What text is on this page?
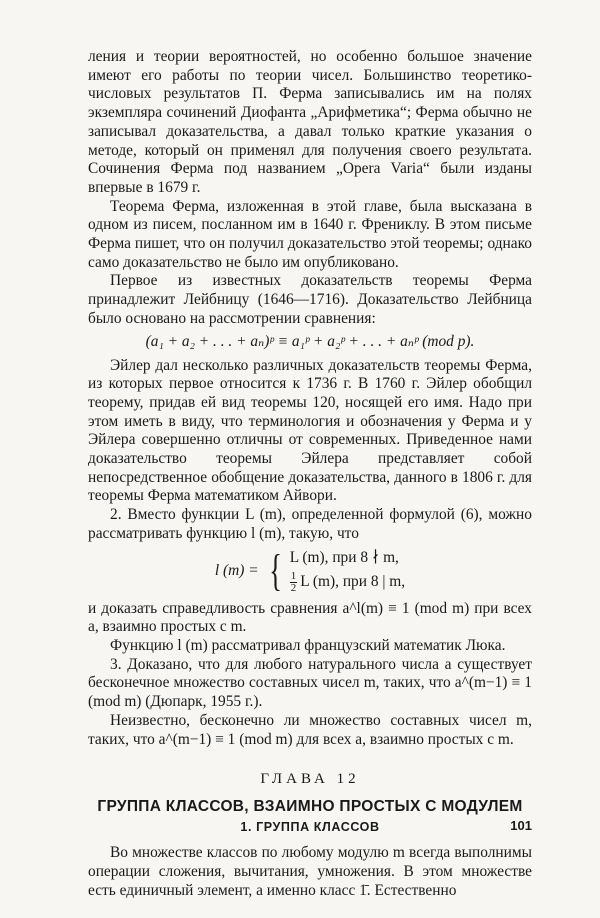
ления и теории вероятностей, но особенно большое значение имеют его работы по теории чисел. Большинство теоретико-числовых результатов П. Ферма записывались им на полях экземпляра сочинений Диофанта „Арифметика“; Ферма обычно не записывал доказательства, а давал только краткие указания о методе, который он применял для получения своего результата. Сочинения Ферма под названием „Opera Varia“ были изданы впервые в 1679 г.

Теорема Ферма, изложенная в этой главе, была высказана в одном из писем, посланном им в 1640 г. Френиклу. В этом письме Ферма пишет, что он получил доказательство этой теоремы; однако само доказательство не было им опубликовано.

Первое из известных доказательств теоремы Ферма принадлежит Лейбницу (1646—1716). Доказательство Лейбница было основано на рассмотрении сравнения:

(a₁ + a₂ + . . . + aₙ)ᵖ ≡ a₁ᵖ + a₂ᵖ + . . . + aₙᵖ (mod p).

Эйлер дал несколько различных доказательств теоремы Ферма, из которых первое относится к 1736 г. В 1760 г. Эйлер обобщил теорему, придав ей вид теоремы 120, носящей его имя. Надо при этом иметь в виду, что терминология и обозначения у Ферма и у Эйлера совершенно отличны от современных. Приведенное нами доказательство теоремы Эйлера представляет собой непосредственное обобщение доказательства, данного в 1806 г. для теоремы Ферма математиком Айвори.

2. Вместо функции L (m), определенной формулой (6), можно рассматривать функцию l (m), такую, что

l (m) = { L (m), при 8 ∤ m,
$\frac{1}{2}$ L (m), при 8 | m,

и доказать справедливость сравнения a^l(m) ≡ 1 (mod m) при всех a, взаимно простых с m.

Функцию l (m) рассматривал французский математик Люка.

3. Доказано, что для любого натурального числа a существует бесконечное множество составных чисел m, таких, что a^(m−1) ≡ 1 (mod m) (Дюпарк, 1955 г.).

Неизвестно, бесконечно ли множество составных чисел m, таких, что a^(m−1) ≡ 1 (mod m) для всех a, взаимно простых с m.

ГЛАВА 12
ГРУППА КЛАССОВ, ВЗАИМНО ПРОСТЫХ С МОДУЛЕМ
1. ГРУППА КЛАССОВ

Во множестве классов по любому модулю m всегда выполнимы операции сложения, вычитания, умножения. В этом множестве есть единичный элемент, а именно класс 1̄. Естественно

101
